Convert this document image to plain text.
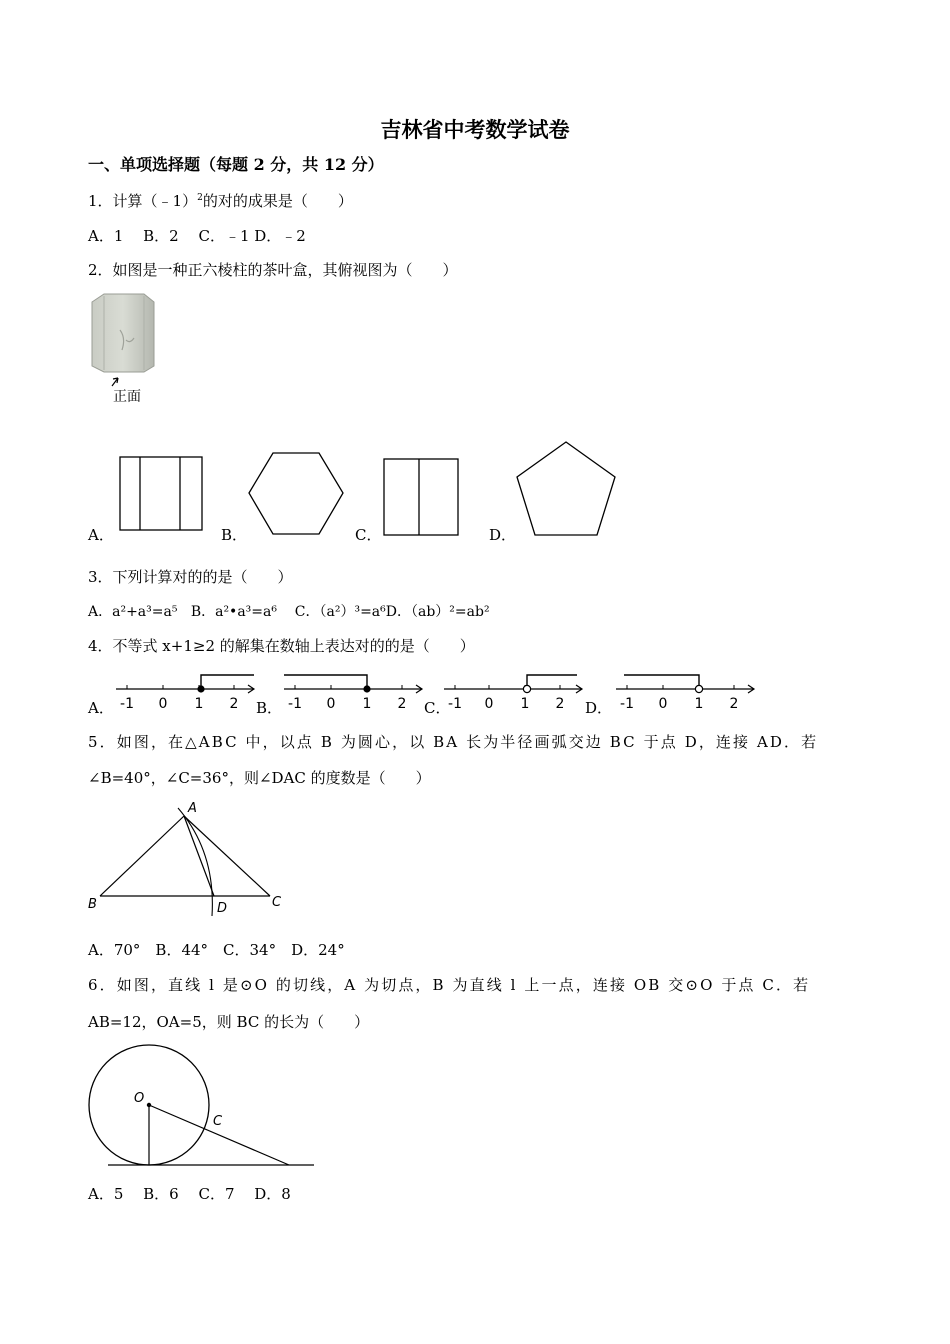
吉林省中考数学试卷
一、单项选择题（每题 2 分，共 12 分）
1．计算（﹣1）$^2$的对的成果是（　　）
A．1　 B．2　 C．﹣1 D．﹣2
2．如图是一种正六棱柱的茶叶盒，其俯视图为（　　）
正面
A．	B．	C．	D．
3．下列计算对的的是（　　）
A．a²+a³=a⁵ B．a²•a³=a⁶ C．（a²）³=a⁶D．（ab）²=ab²
4．不等式 x+1≥2 的解集在数轴上表达对的的是（　　）
A．	B．	C．	D．
-1 0 1 2	-1 0 1 2	-1 0 1 2	-1 0 1 2
5．如图，在△ABC 中，以点 B 为圆心，以 BA 长为半径画弧交边 BC 于点 D，连接 AD．若
∠B=40°，∠C=36°，则∠DAC 的度数是（　　）
A
B	C
D
A．70°　B．44°　C．34°　D．24°
6．如图，直线 l 是⊙O 的切线，A 为切点，B 为直线 l 上一点，连接 OB 交⊙O 于点 C．若
AB=12，OA=5，则 BC 的长为（　　）
O
C
A．5　 B．6　 C．7　 D．8
